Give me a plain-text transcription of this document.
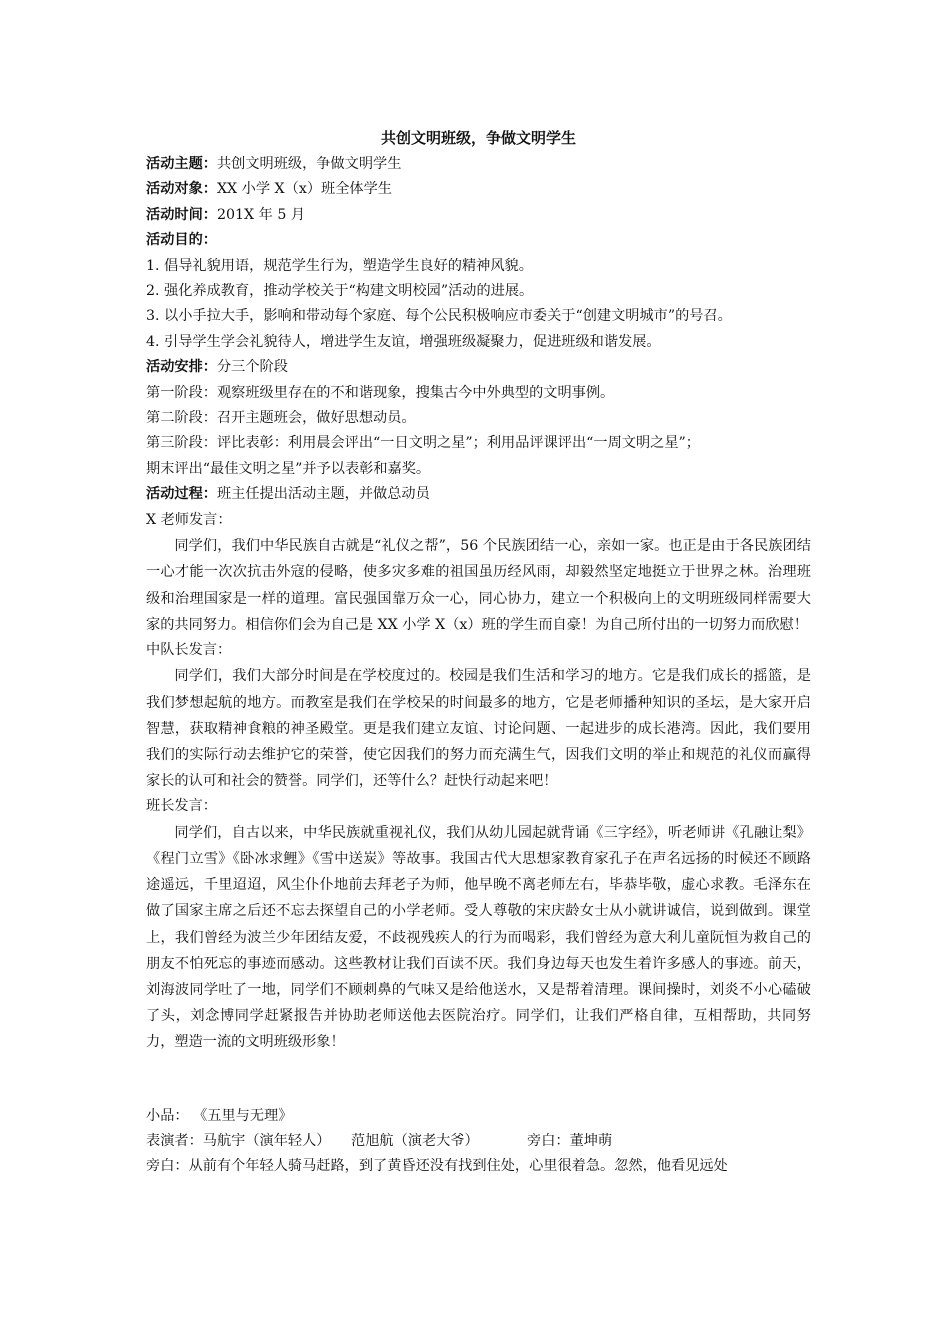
共创文明班级，争做文明学生
活动主题：共创文明班级，争做文明学生
活动对象：XX 小学 X（x）班全体学生
活动时间：201X 年 5 月
活动目的：
1. 倡导礼貌用语，规范学生行为，塑造学生良好的精神风貌。
2. 强化养成教育，推动学校关于“构建文明校园”活动的进展。
3. 以小手拉大手，影响和带动每个家庭、每个公民积极响应市委关于“创建文明城市”的号召。
4. 引导学生学会礼貌待人，增进学生友谊，增强班级凝聚力，促进班级和谐发展。
活动安排：分三个阶段
第一阶段：观察班级里存在的不和谐现象，搜集古今中外典型的文明事例。
第二阶段：召开主题班会，做好思想动员。
第三阶段：评比表彰：利用晨会评出“一日文明之星”；利用品评课评出“一周文明之星”；
期末评出“最佳文明之星”并予以表彰和嘉奖。
活动过程：班主任提出活动主题，并做总动员
X 老师发言：
同学们，我们中华民族自古就是“礼仪之帮”，56 个民族团结一心，亲如一家。也正是由于各民族团结一心才能一次次抗击外寇的侵略，使多灾多难的祖国虽历经风雨，却毅然坚定地挺立于世界之林。治理班级和治理国家是一样的道理。富民强国靠万众一心，同心协力，建立一个积极向上的文明班级同样需要大家的共同努力。相信你们会为自己是 XX 小学 X（x）班的学生而自豪！为自己所付出的一切努力而欣慰！
中队长发言：
同学们，我们大部分时间是在学校度过的。校园是我们生活和学习的地方。它是我们成长的摇篮，是我们梦想起航的地方。而教室是我们在学校呆的时间最多的地方，它是老师播种知识的圣坛，是大家开启智慧，获取精神食粮的神圣殿堂。更是我们建立友谊、讨论问题、一起进步的成长港湾。因此，我们要用我们的实际行动去维护它的荣誉，使它因我们的努力而充满生气，因我们文明的举止和规范的礼仪而赢得家长的认可和社会的赞誉。同学们，还等什么？赶快行动起来吧！
班长发言：
同学们，自古以来，中华民族就重视礼仪，我们从幼儿园起就背诵《三字经》，听老师讲《孔融让梨》《程门立雪》《卧冰求鲤》《雪中送炭》等故事。我国古代大思想家教育家孔子在声名远扬的时候还不顾路途遥远，千里迢迢，风尘仆仆地前去拜老子为师，他早晚不离老师左右，毕恭毕敬，虚心求教。毛泽东在做了国家主席之后还不忘去探望自己的小学老师。受人尊敬的宋庆龄女士从小就讲诚信，说到做到。课堂上，我们曾经为波兰少年团结友爱，不歧视残疾人的行为而喝彩，我们曾经为意大利儿童阮恒为救自己的朋友不怕死忘的事迹而感动。这些教材让我们百读不厌。我们身边每天也发生着许多感人的事迹。前天，刘海波同学吐了一地，同学们不顾刺鼻的气味又是给他送水，又是帮着清理。课间操时，刘炎不小心磕破了头，刘念博同学赶紧报告并协助老师送他去医院治疗。同学们，让我们严格自律，互相帮助，共同努力，塑造一流的文明班级形象！
小品： 《五里与无理》
表演者：马航宇（演年轻人） 范旭航（演老大爷）	旁白：董坤萌
旁白：从前有个年轻人骑马赶路，到了黄昏还没有找到住处，心里很着急。忽然，他看见远处
